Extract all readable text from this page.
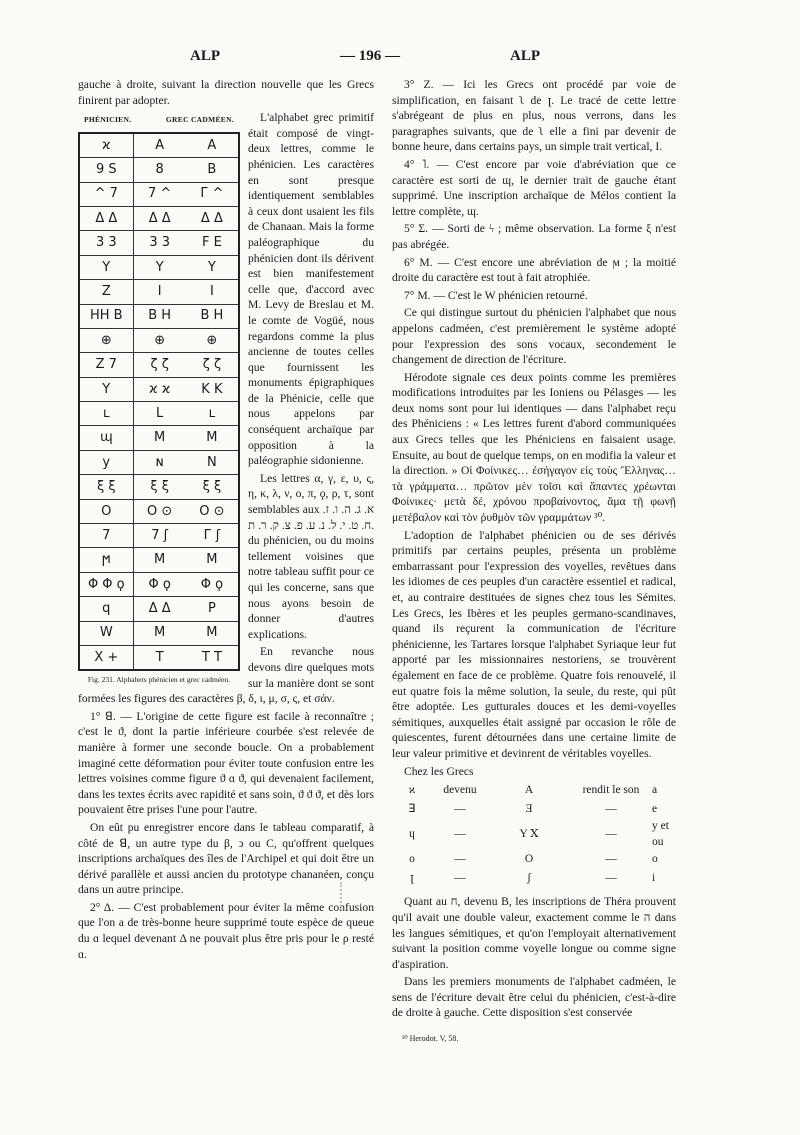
ALP	— 196 —	ALP

gauche à droite, suivant la direction nouvelle que les Grecs finirent par adopter.

PHÉNICIEN.	GREC CADMÉEN.
ϰ	A	A
9 S	8	B
^ 7	7 ^	Г ^
Δ Δ	Δ Δ	Δ Δ
3 3	3 3	F E
Y	Y	Y
Z	I	I
ΗΗ Β	Β Η	Β Η
⊕	⊕	⊕
Z 7	ζ ζ	ζ ζ
Y	ϰ ϰ	K K
ʟ	L	ʟ
ɰ	M	M
y	ɴ	N
ξ ξ	ξ ξ	ξ ξ
O	O ⊙	O ⊙
7	7 ʃ	Г ʃ
ϻ	M	M
Φ Φ ϙ	Φ ϙ	Φ ϙ
q	Δ Δ	P
W	M	M
X +	T	T T
Fig. 231. Alphabets phénicien et grec cadméen.

L'alphabet grec primitif était composé de vingt-deux lettres, comme le phénicien. Les caractères en sont presque identiquement semblables à ceux dont usaient les fils de Chanaan. Mais la forme paléographique du phénicien dont ils dérivent est bien manifestement celle que, d'accord avec M. Levy de Breslau et M. le comte de Vogüé, nous regardons comme la plus ancienne de toutes celles que fournissent les monuments épigraphiques de la Phénicie, celle que nous appelons par conséquent archaïque par opposition à la paléographie sidonienne.

Les lettres α, γ, ε, υ, ς, η, κ, λ, ν, ο, π, ϙ, ρ, τ, sont semblables aux א. ג. ה. ו. ז. ח. ט. י. ל. נ. ע. פ. צ. ק. ר. ת. du phénicien, ou du moins tellement voisines que notre tableau suffit pour ce qui les concerne, sans que nous ayons besoin de donner d'autres explications.

En revanche nous devons dire quelques mots sur la manière dont se sont formées les figures des caractères β, δ, ι, μ, σ, ς, et σάν.

1° ꓭ. — L'origine de cette figure est facile à reconnaître ; c'est le ϑ, dont la partie inférieure courbée s'est relevée de manière à former une seconde boucle. On a probablement imaginé cette déformation pour éviter toute confusion entre les lettres voisines comme figure ϑ ɑ ϑ, qui devenaient facilement, dans les textes écrits avec rapidité et sans soin, ϑ ϑ ϑ, et dès lors pouvaient être prises l'une pour l'autre.

On eût pu enregistrer encore dans le tableau comparatif, à côté de ꓭ, un autre type du β, ↄ ou C, qu'offrent quelques inscriptions archaïques des îles de l'Archipel et qui doit être un dérivé parallèle et aussi ancien du prototype chananéen, conçu dans un autre principe.

2° Δ. — C'est probablement pour éviter la même confusion que l'on a de très-bonne heure supprimé toute espèce de queue du ɑ lequel devenant Δ ne pouvait plus être pris pour le ρ resté ɑ.

3° Z. — Ici les Grecs ont procédé par voie de simplification, en faisant ʅ de ꞁ. Le tracé de cette lettre s'abrégeant de plus en plus, nous verrons, dans les paragraphes suivants, que de ʅ elle a fini par devenir de bonne heure, dans certains pays, un simple trait vertical, I.

4° ˥. — C'est encore par voie d'abréviation que ce caractère est sorti de ɰ, le dernier trait de gauche étant supprimé. Une inscription archaïque de Mélos contient la lettre complète, ɰ.

5° Σ. — Sorti de ϟ ; même observation. La forme ξ n'est pas abrégée.

6° M. — C'est encore une abréviation de ϻ ; la moitié droite du caractère est tout à fait atrophiée.

7° M. — C'est le W phénicien retourné.

Ce qui distingue surtout du phénicien l'alphabet que nous appelons cadméen, c'est premièrement le système adopté pour l'expression des sons vocaux, secondement le changement de direction de l'écriture.

Hérodote signale ces deux points comme les premières modifications introduites par les Ioniens ou Pélasges — les deux noms sont pour lui identiques — dans l'alphabet reçu des Phéniciens : « Les lettres furent d'abord communiquées aux Grecs telles que les Phéniciens en faisaient usage. Ensuite, au bout de quelque temps, on en modifia la valeur et la direction. » Οἱ Φοίνικες… ἐσήγαγον εἰς τοὺς Ἕλληνας… τὰ γράμματα… πρῶτον μὲν τοῖσι καὶ ἅπαντες χρέωνται Φοίνικες· μετὰ δέ, χρόνου προβαίνοντος, ἅμα τῇ φωνῇ μετέβαλον καὶ τὸν ῥυθμὸν τῶν γραμμάτων ³⁰.

L'adoption de l'alphabet phénicien ou de ses dérivés primitifs par certains peuples, présenta un problème embarrassant pour l'expression des voyelles, revêtues dans les idiomes de ces peuples d'un caractère essentiel et radical, et, au contraire destituées de signes chez tous les Sémites. Les Grecs, les Ibères et les peuples germano-scandinaves, quand ils reçurent la communication de l'écriture phénicienne, les Tartares lorsque l'alphabet Syriaque leur fut apporté par les missionnaires nestoriens, se trouvèrent également en face de ce problème. Quatre fois renouvelé, il eut quatre fois la même solution, la seule, du reste, qui pût être adoptée. Les gutturales douces et les demi-voyelles sémitiques, auxquelles était assigné par occasion le rôle de quiescentes, furent détournées dans une certaine limite de leur valeur primitive et devinrent de véritables voyelles.

Chez les Grecs

ϰ	devenu	A	rendit le son	a
ꓱ	—	Ǝ	—	e
ɥ	—	Y Ⅹ	—	y et ou
o	—	O	—	o
ꞁ	—	ʃ	—	i

Quant au ח, devenu Β, les inscriptions de Théra prouvent qu'il avait une double valeur, exactement comme le ה dans les langues sémitiques, et qu'on l'employait alternativement suivant la position comme voyelle longue ou comme signe d'aspiration.

Dans les premiers monuments de l'alphabet cadméen, le sens de l'écriture devait être celui du phénicien, c'est-à-dire de droite à gauche. Cette disposition s'est conservée

³⁰ Herodot. V, 58.
